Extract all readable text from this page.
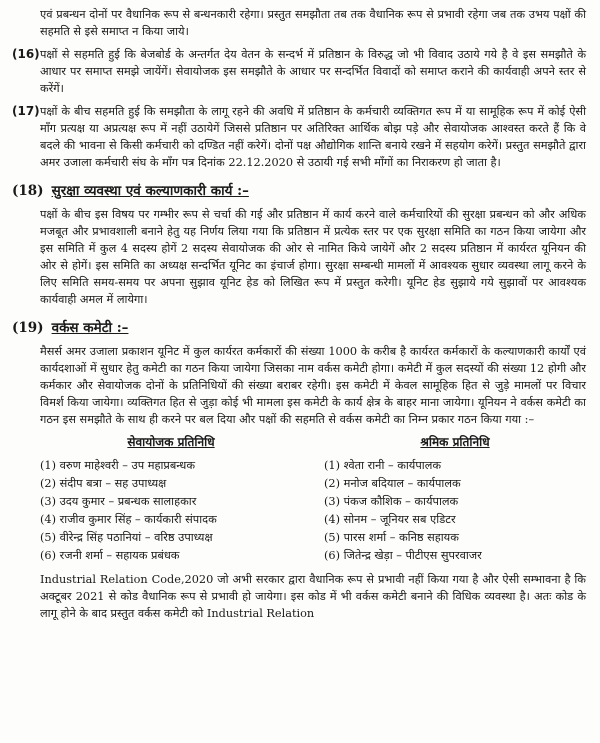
एवं प्रबन्धन दोनों पर वैधानिक रूप से बन्धनकारी रहेगा। प्रस्तुत समझौता तब तक वैधानिक रूप से प्रभावी रहेगा जब तक उभय पक्षों की सहमति से इसे समाप्त न किया जाये।

(16) पक्षों से सहमति हुई कि बेजबोर्ड के अन्तर्गत देय वेतन के सन्दर्भ में प्रतिष्ठान के विरुद्ध जो भी विवाद उठाये गये है वे इस समझौते के आधार पर समाप्त समझे जायेंगें। सेवायोजक इस समझौते के आधार पर सन्दर्भित विवादों को समाप्त कराने की कार्यवाही अपने स्तर से करेंगें।
(17) पक्षों के बीच सहमति हुई कि समझौता के लागू रहने की अवधि में प्रतिष्ठान के कर्मचारी व्यक्तिगत रूप में या सामूहिक रूप में कोई ऐसी माँग प्रत्यक्ष या अप्रत्यक्ष रूप में नहीं उठायेगें जिससे प्रतिष्ठान पर अतिरिक्त आर्थिक बोझ पड़े और सेवायोजक आश्वस्त करते हैं कि वे बदले की भावना से किसी कर्मचारी को दण्डित नहीं करेगें। दोनों पक्ष औद्योगिक शान्ति बनाये रखने में सहयोग करेगें। प्रस्तुत समझौते द्वारा अमर उजाला कर्मचारी संघ के माँग पत्र दिनांक 22.12.2020 से उठायी गई सभी माँगों का निराकरण हो जाता है।
(18) सुरक्षा व्यवस्था एवं कल्याणकारी कार्य :–

पक्षों के बीच इस विषय पर गम्भीर रूप से चर्चा की गई और प्रतिष्ठान में कार्य करने वाले कर्मचारियों की सुरक्षा प्रबन्धन को और अधिक मजबूत और प्रभावशाली बनाने हेतु यह निर्णय लिया गया कि प्रतिष्ठान में प्रत्येक स्तर पर एक सुरक्षा समिति का गठन किया जायेगा और इस समिति में कुल 4 सदस्य होगें 2 सदस्य सेवायोजक की ओर से नामित किये जायेगें और 2 सदस्य प्रतिष्ठान में कार्यरत यूनियन की ओर से होगें। इस समिति का अध्यक्ष सन्दर्भित यूनिट का इंचार्ज होगा। सुरक्षा सम्बन्धी मामलों में आवश्यक सुधार व्यवस्था लागू करने के लिए समिति समय-समय पर अपना सुझाव यूनिट हेड को लिखित रूप में प्रस्तुत करेगी। यूनिट हेड सुझाये गये सुझावों पर आवश्यक कार्यवाही अमल में लायेगा।

(19) वर्कस कमेटी :–

मैसर्स अमर उजाला प्रकाशन यूनिट में कुल कार्यरत कर्मकारों की संख्या 1000 के करीब है कार्यरत कर्मकारों के कल्याणकारी कार्यों एवं कार्यदशाओं में सुधार हेतु कमेटी का गठन किया जायेगा जिसका नाम वर्कस कमेटी होगा। कमेटी में कुल सदस्यों की संख्या 12 होगी और कर्मकार और सेवायोजक दोनों के प्रतिनिधियों की संख्या बराबर रहेगी। इस कमेटी में केवल सामूहिक हित से जुड़े मामलों पर विचार विमर्श किया जायेगा। व्यक्तिगत हित से जुड़ा कोई भी मामला इस कमेटी के कार्य क्षेत्र के बाहर माना जायेगा। यूनियन ने वर्कस कमेटी का गठन इस समझौते के साथ ही करने पर बल दिया और पक्षों की सहमति से वर्कस कमेटी का निम्न प्रकार गठन किया गया :–

सेवायोजक प्रतिनिधि
(1) वरुण माहेश्वरी – उप महाप्रबन्धक
(2) संदीप बत्रा – सह उपाध्यक्ष
(3) उदय कुमार – प्रबन्धक सालाहकार
(4) राजीव कुमार सिंह – कार्यकारी संपादक
(5) वीरेन्द्र सिंह पठानियां – वरिष्ठ उपाध्यक्ष
(6) रजनी शर्मा – सहायक प्रबंधक
श्रमिक प्रतिनिधि
(1) श्वेता रानी – कार्यपालक
(2) मनोज बदियाल – कार्यपालक
(3) पंकज कौशिक – कार्यपालक
(4) सोनम – जूनियर सब एडिटर
(5) पारस शर्मा – कनिष्ठ सहायक
(6) जितेन्द्र खेड़ा – पीटीएस सुपरवाजर

Industrial Relation Code,2020 जो अभी सरकार द्वारा वैधानिक रूप से प्रभावी नहीं किया गया है और ऐसी सम्भावना है कि अक्टूबर 2021 से कोड वैधानिक रूप से प्रभावी हो जायेगा। इस कोड में भी वर्कस कमेटी बनाने की विधिक व्यवस्था है। अतः कोड के लागू होने के बाद प्रस्तुत वर्कस कमेटी को Industrial Relation
